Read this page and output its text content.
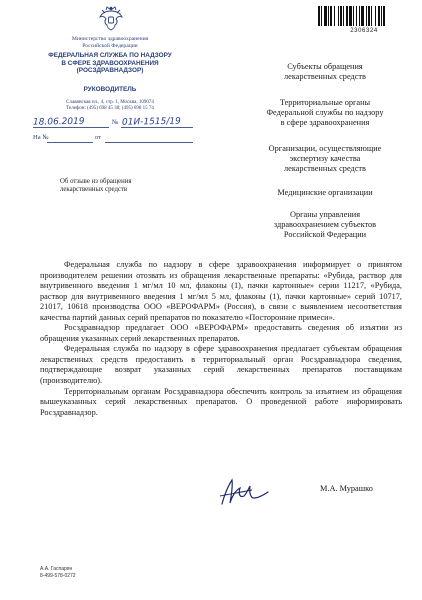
Министерство здравоохранения
Российской Федерации
ФЕДЕРАЛЬНАЯ СЛУЖБА ПО НАДЗОРУ
В СФЕРЕ ЗДРАВООХРАНЕНИЯ
(РОСЗДРАВНАДЗОР)
РУКОВОДИТЕЛЬ
Славянская пл., 4, стр. 1, Москва, 109074
Телефон: (495) 698 45 38; (495) 698 15 74
18.06.2019	№ 01И-1515/19
На №	от
Об отзыве из обращения
лекарственных средств
2306324
Субъекты обращения
лекарственных средств
Территориальные органы
Федеральной службы по надзору
в сфере здравоохранения
Организации, осуществляющие
экспертизу качества
лекарственных средств
Медицинские организации
Органы управления
здравоохранением субъектов
Российской Федерации

Федеральная служба по надзору в сфере здравоохранения информирует о принятом производителем решении отозвать из обращения лекарственные препараты: «Рубида, раствор для внутривенного введения 1 мг/мл 10 мл, флаконы (1), пачки картонные» серии 11217, «Рубида, раствор для внутривенного введения 1 мг/мл 5 мл, флаконы (1), пачки картонные» серий 10717, 21017, 10618 производства ООО «ВЕРОФАРМ» (Россия), в связи с выявлением несоответствия качества партий данных серий препаратов по показателю «Посторонние примеси».

Росздравнадзор предлагает ООО «ВЕРОФАРМ» предоставить сведения об изъятии из обращения указанных серий лекарственных препаратов.

Федеральная служба по надзору в сфере здравоохранения предлагает субъектам обращения лекарственных средств предоставить в территориальный орган Росздравнадзора сведения, подтверждающие возврат указанных серий лекарственных препаратов поставщикам (производителю).

Территориальным органам Росздравнадзора обеспечить контроль за изъятием из обращения вышеуказанных серий лекарственных препаратов. О проведенной работе информировать Росздравнадзор.

М.А. Мурашко
А.А. Гаспарян
8-499-578-0272
